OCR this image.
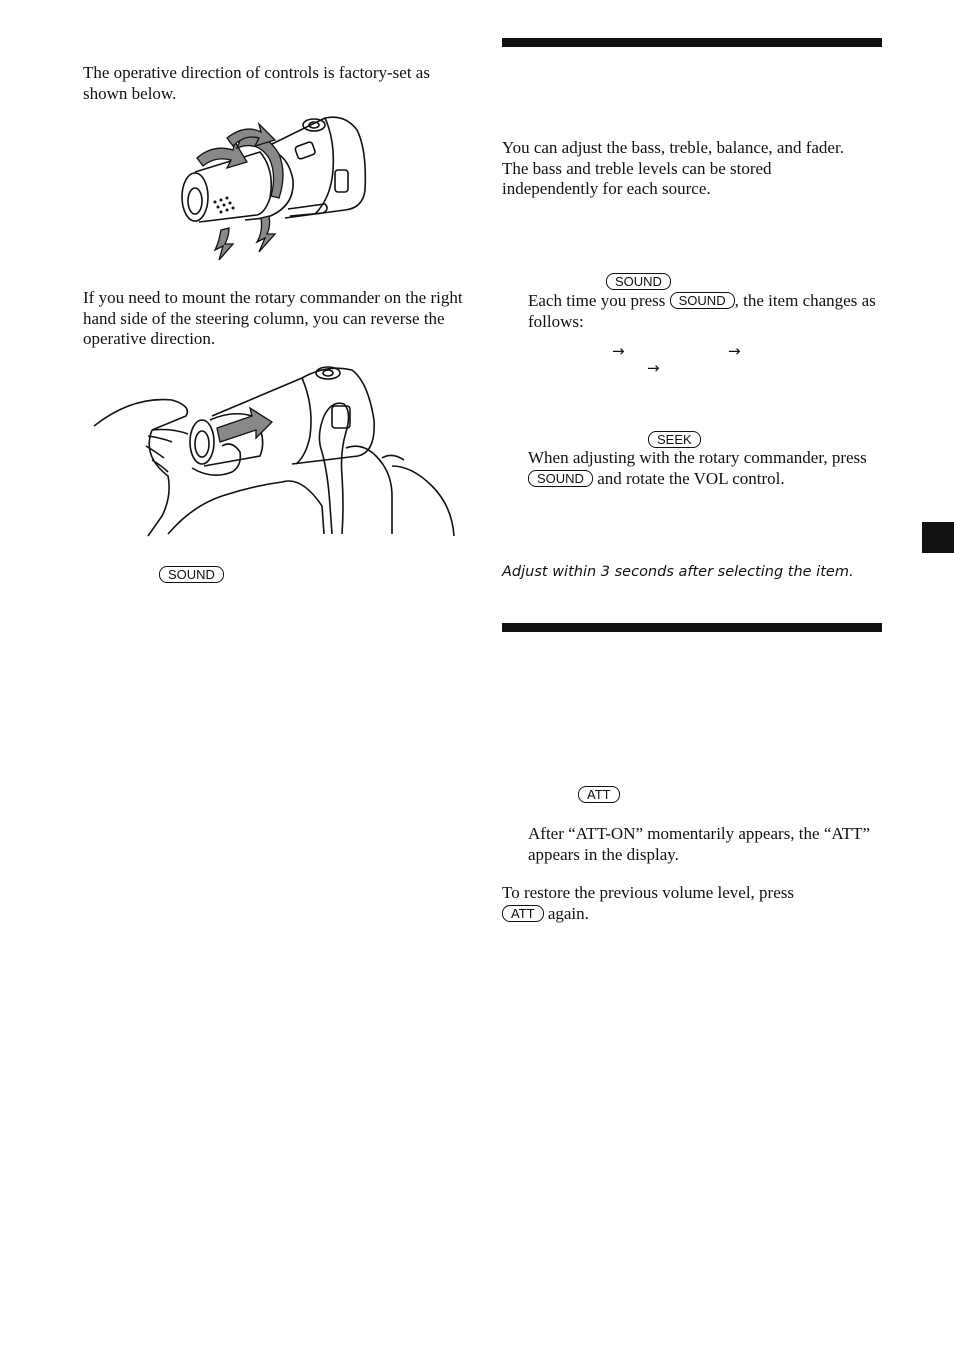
The operative direction of controls is factory-set as shown below.

If you need to mount the rotary commander on the right hand side of the steering column, you can reverse the operative direction.

SOUND

You can adjust the bass, treble, balance, and fader.
The bass and treble levels can be stored independently for each source.

SOUND

Each time you press SOUND , the item changes as follows:

→	→
→
SEEK

When adjusting with the rotary commander, press SOUND and rotate the VOL control.

Adjust within 3 seconds after selecting the item.

ATT

After “ATT-ON” momentarily appears, the “ATT” appears in the display.

To restore the previous volume level, press
ATT again.
